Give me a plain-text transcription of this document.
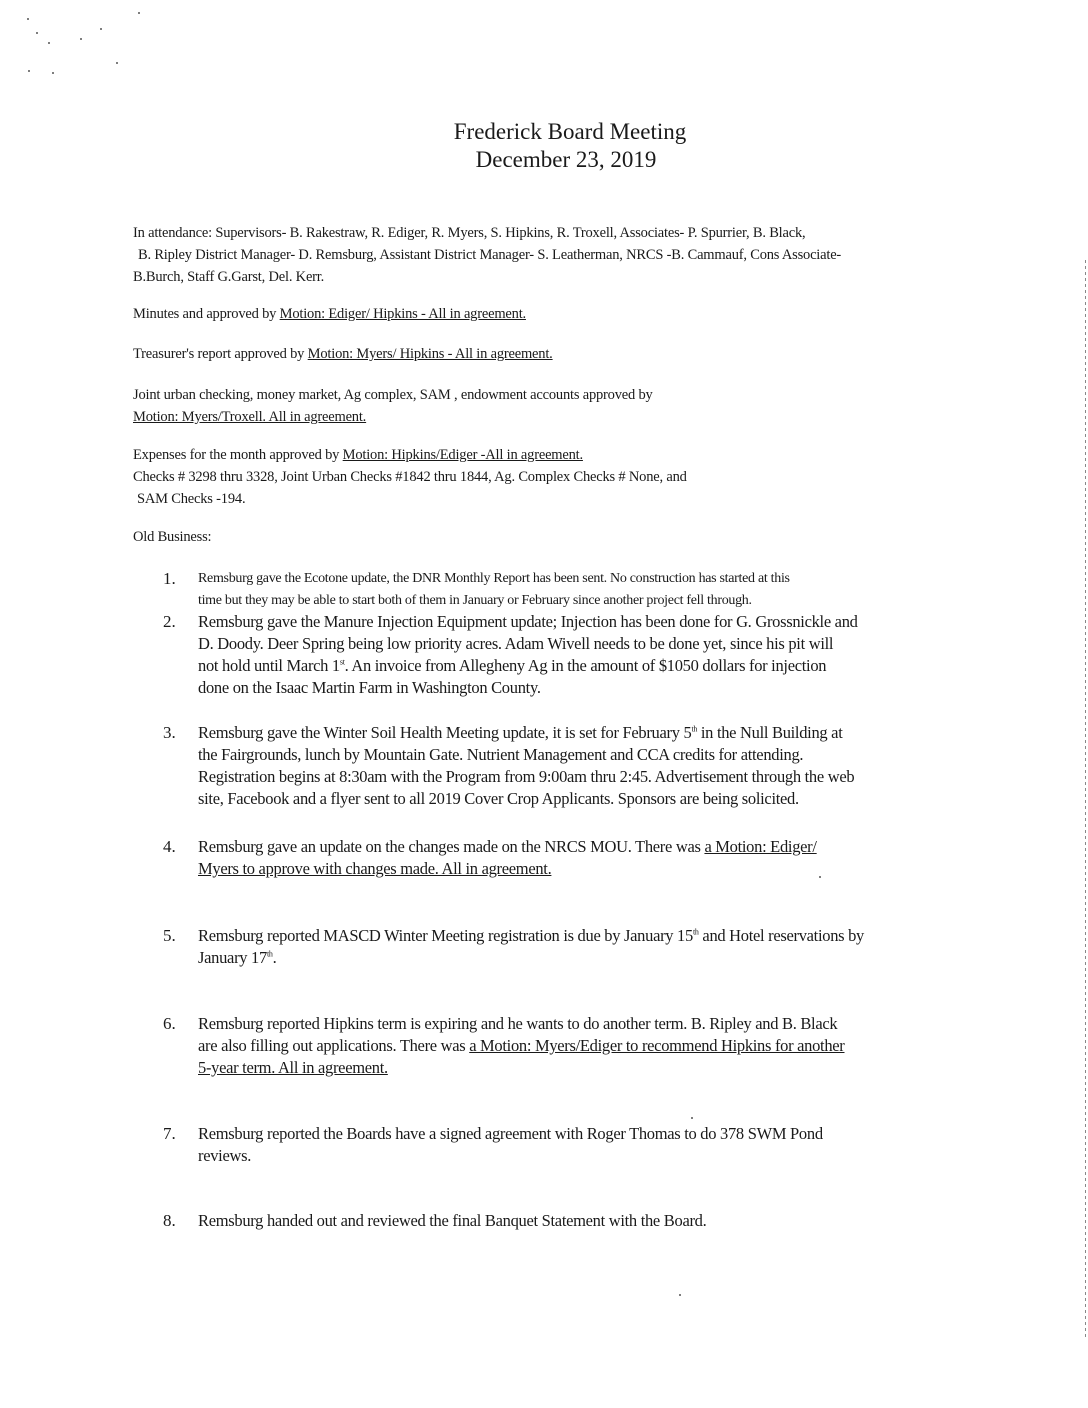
Frederick Board Meeting
December 23, 2019
In attendance: Supervisors- B. Rakestraw, R. Ediger, R. Myers, S. Hipkins, R. Troxell, Associates- P. Spurrier, B. Black,
B. Ripley District Manager- D. Remsburg, Assistant District Manager- S. Leatherman, NRCS -B. Cammauf, Cons Associate-
B.Burch, Staff G.Garst, Del. Kerr.
Minutes and approved by Motion: Ediger/ Hipkins - All in agreement.
Treasurer's report approved by Motion: Myers/ Hipkins - All in agreement.
Joint urban checking, money market, Ag complex, SAM , endowment accounts approved by
Motion: Myers/Troxell. All in agreement.
Expenses for the month approved by Motion: Hipkins/Ediger -All in agreement.
Checks # 3298 thru 3328, Joint Urban Checks #1842 thru 1844, Ag. Complex Checks # None, and
SAM Checks -194.
Old Business:
1.	Remsburg gave the Ecotone update, the DNR Monthly Report has been sent. No construction has started at this
time but they may be able to start both of them in January or February since another project fell through.
2.	Remsburg gave the Manure Injection Equipment update; Injection has been done for G. Grossnickle and
D. Doody. Deer Spring being low priority acres. Adam Wivell needs to be done yet, since his pit will
not hold until March 1st. An invoice from Allegheny Ag in the amount of $1050 dollars for injection
done on the Isaac Martin Farm in Washington County.
3.	Remsburg gave the Winter Soil Health Meeting update, it is set for February 5th in the Null Building at
the Fairgrounds, lunch by Mountain Gate. Nutrient Management and CCA credits for attending.
Registration begins at 8:30am with the Program from 9:00am thru 2:45. Advertisement through the web
site, Facebook and a flyer sent to all 2019 Cover Crop Applicants. Sponsors are being solicited.
4.	Remsburg gave an update on the changes made on the NRCS MOU. There was a Motion: Ediger/
Myers to approve with changes made. All in agreement.
5.	Remsburg reported MASCD Winter Meeting registration is due by January 15th and Hotel reservations by
January 17th.
6.	Remsburg reported Hipkins term is expiring and he wants to do another term. B. Ripley and B. Black
are also filling out applications. There was a Motion: Myers/Ediger to recommend Hipkins for another
5-year term. All in agreement.
7.	Remsburg reported the Boards have a signed agreement with Roger Thomas to do 378 SWM Pond
reviews.
8.	Remsburg handed out and reviewed the final Banquet Statement with the Board.
